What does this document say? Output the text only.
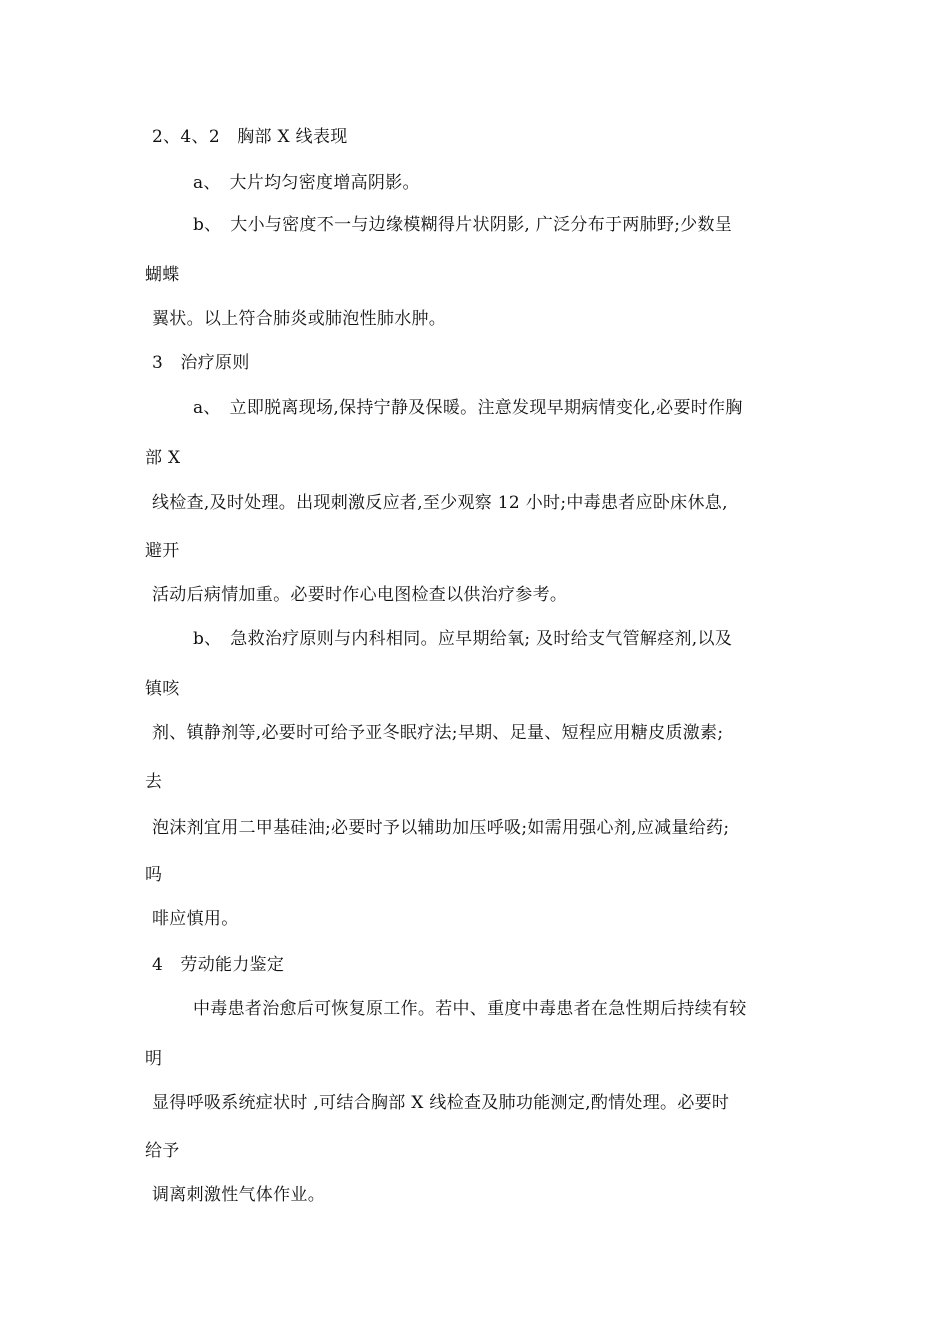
2、4、2　胸部 X 线表现
a、　大片均匀密度增高阴影。
b、　大小与密度不一与边缘模糊得片状阴影, 广泛分布于两肺野;少数呈
蝴蝶
翼状。以上符合肺炎或肺泡性肺水肿。
3　治疗原则
a、　立即脱离现场,保持宁静及保暖。注意发现早期病情变化,必要时作胸
部 X
线检查,及时处理。出现刺激反应者,至少观察 12 小时;中毒患者应卧床休息,
避开
活动后病情加重。必要时作心电图检查以供治疗参考。
b、　急救治疗原则与内科相同。应早期给氧; 及时给支气管解痉剂,以及
镇咳
剂、镇静剂等,必要时可给予亚冬眠疗法;早期、足量、短程应用糖皮质激素;
去
泡沫剂宜用二甲基硅油;必要时予以辅助加压呼吸;如需用强心剂,应减量给药;
吗
啡应慎用。
4　劳动能力鉴定
中毒患者治愈后可恢复原工作。若中、重度中毒患者在急性期后持续有较
明
显得呼吸系统症状时 ,可结合胸部 X 线检查及肺功能测定,酌情处理。必要时
给予
调离刺激性气体作业。
